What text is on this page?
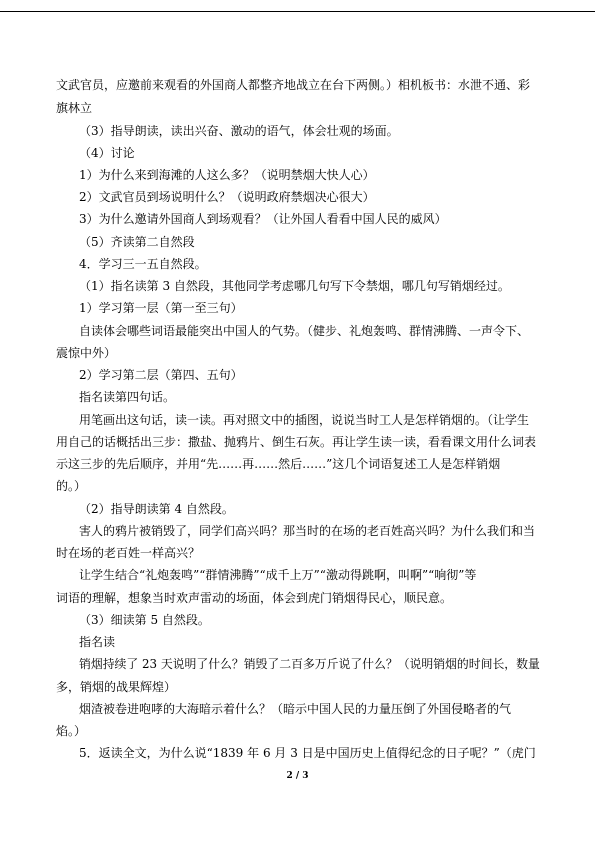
文武官员，应邀前来观看的外国商人都整齐地战立在台下两侧。）相机板书：水泄不通、彩
旗林立
（3）指导朗读，读出兴奋、激动的语气，体会壮观的场面。
（4）讨论
1）为什么来到海滩的人这么多？（说明禁烟大快人心）
2）文武官员到场说明什么？（说明政府禁烟决心很大）
3）为什么邀请外国商人到场观看？（让外国人看看中国人民的威风）
（5）齐读第二自然段
4．学习三一五自然段。
（1）指名读第 3 自然段，其他同学考虑哪几句写下令禁烟，哪几句写销烟经过。
1）学习第一层（第一至三句）
自读体会哪些词语最能突出中国人的气势。（健步、礼炮轰鸣、群情沸腾、一声令下、
震惊中外）
2）学习第二层（第四、五句）
指名读第四句话。
用笔画出这句话，读一读。再对照文中的插图，说说当时工人是怎样销烟的。（让学生
用自己的话概括出三步：撒盐、抛鸦片、倒生石灰。再让学生读一读，看看课文用什么词表
示这三步的先后顺序，并用“先……再……然后……”这几个词语复述工人是怎样销烟
的。）
（2）指导朗读第 4 自然段。
害人的鸦片被销毁了，同学们高兴吗？那当时的在场的老百姓高兴吗？为什么我们和当
时在场的老百姓一样高兴？
让学生结合“礼炮轰鸣”“群情沸腾”“成千上万”“激动得跳啊，叫啊”“响彻”等
词语的理解，想象当时欢声雷动的场面，体会到虎门销烟得民心，顺民意。
（3）细读第 5 自然段。
指名读
销烟持续了 23 天说明了什么？销毁了二百多万斤说了什么？（说明销烟的时间长，数量
多，销烟的战果辉煌）
烟渣被卷进咆哮的大海暗示着什么？（暗示中国人民的力量压倒了外国侵略者的气
焰。）
5．返读全文，为什么说“1839 年 6 月 3 日是中国历史上值得纪念的日子呢？”（虎门
2 / 3
